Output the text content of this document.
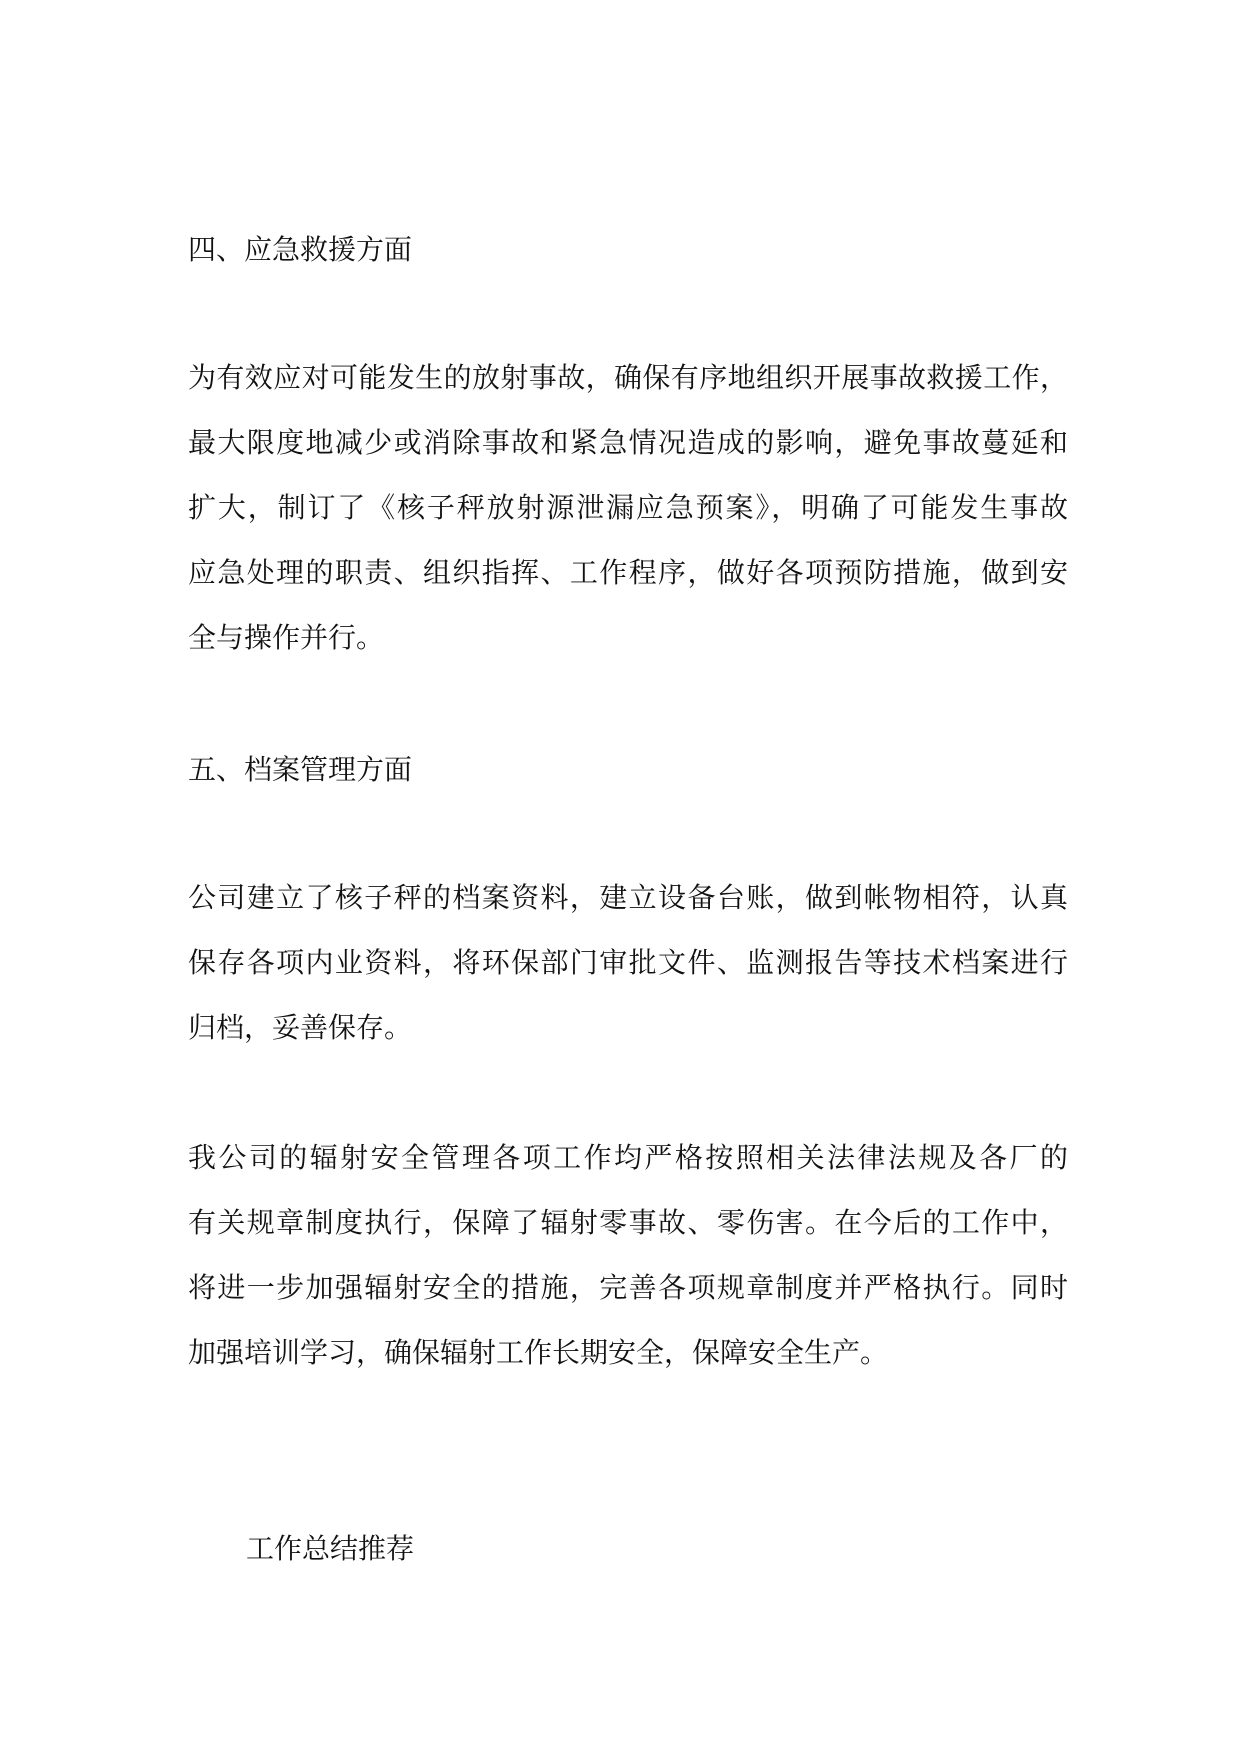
四、应急救援方面
为有效应对可能发生的放射事故，确保有序地组织开展事故救援工作，
最大限度地减少或消除事故和紧急情况造成的影响，避免事故蔓延和
扩大，制订了《核子秤放射源泄漏应急预案》，明确了可能发生事故
应急处理的职责、组织指挥、工作程序，做好各项预防措施，做到安
全与操作并行。
五、档案管理方面
公司建立了核子秤的档案资料，建立设备台账，做到帐物相符，认真
保存各项内业资料，将环保部门审批文件、监测报告等技术档案进行
归档，妥善保存。
我公司的辐射安全管理各项工作均严格按照相关法律法规及各厂的
有关规章制度执行，保障了辐射零事故、零伤害。在今后的工作中，
将进一步加强辐射安全的措施，完善各项规章制度并严格执行。同时
加强培训学习，确保辐射工作长期安全，保障安全生产。
工作总结推荐
